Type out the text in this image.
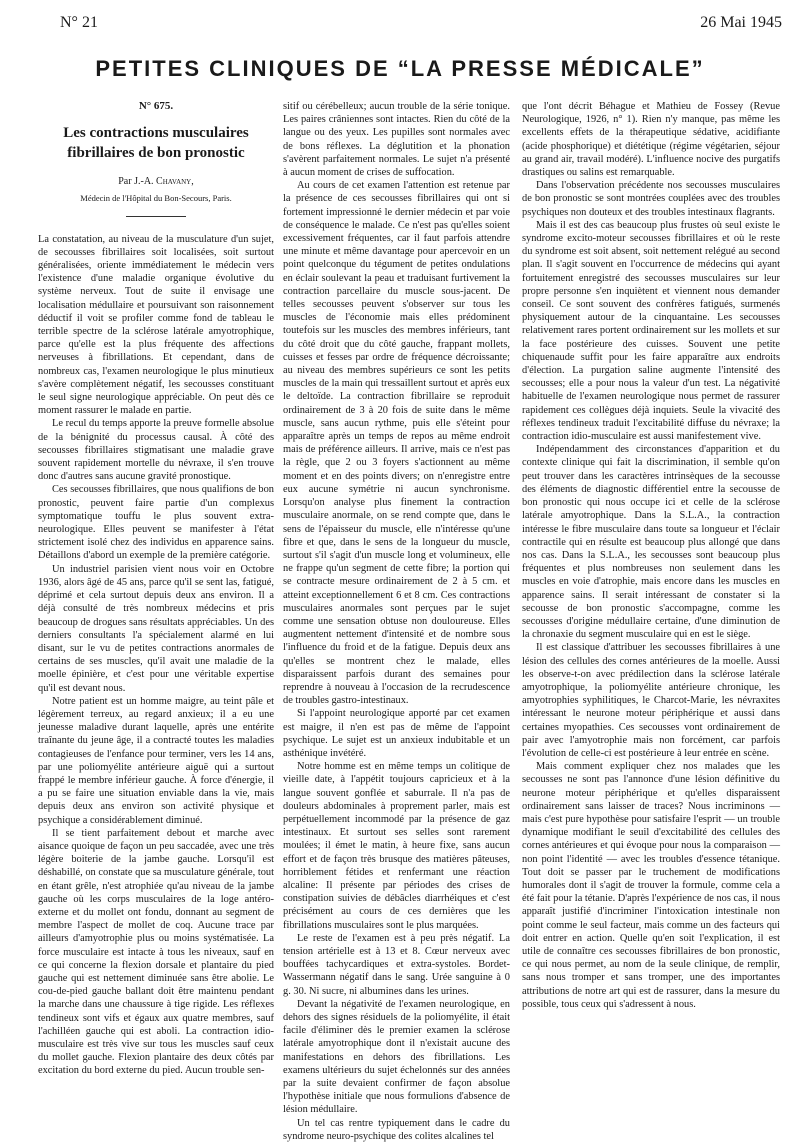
N° 21	26 Mai 1945
PETITES CLINIQUES DE “LA PRESSE MÉDICALE”
N° 675.
Les contractions musculaires fibrillaires de bon pronostic
Par J.-A. Chavany,
Médecin de l'Hôpital du Bon-Secours, Paris.

La constatation, au niveau de la musculature d'un sujet, de secousses fibrillaires soit localisées, soit surtout généralisées, oriente immédiatement le médecin vers l'existence d'une maladie organique évolutive du système nerveux. Tout de suite il envisage une localisation médullaire et poursuivant son raisonnement déductif il voit se profiler comme fond de tableau le terrible spectre de la sclérose latérale amyotrophique, parce qu'elle est la plus fréquente des affections nerveuses à fibrillations. Et cependant, dans de nombreux cas, l'examen neurologique le plus minutieux s'avère complètement négatif, les secousses constituant le seul signe neurologique appréciable. On peut dès ce moment rassurer le malade en partie.

Le recul du temps apporte la preuve formelle absolue de la bénignité du processus causal. À côté des secousses fibrillaires stigmatisant une maladie grave souvent rapidement mortelle du névraxe, il s'en trouve donc d'autres sans aucune gravité pronostique.

Ces secousses fibrillaires, que nous qualifions de bon pronostic, peuvent faire partie d'un complexus symptomatique touffu le plus souvent extra-neurologique. Elles peuvent se manifester à l'état strictement isolé chez des individus en apparence sains. Détaillons d'abord un exemple de la première catégorie.

Un industriel parisien vient nous voir en Octobre 1936, alors âgé de 45 ans, parce qu'il se sent las, fatigué, déprimé et cela surtout depuis deux ans environ. Il a déjà consulté de très nombreux médecins et pris beaucoup de drogues sans résultats appréciables. Un des derniers consultants l'a spécialement alarmé en lui disant, sur le vu de petites contractions anormales de certains de ses muscles, qu'il avait une maladie de la moelle épinière, et c'est pour une véritable expertise qu'il est devant nous.

Notre patient est un homme maigre, au teint pâle et légèrement terreux, au regard anxieux; il a eu une jeunesse maladive durant laquelle, après une entérite traînante du jeune âge, il a contracté toutes les maladies contagieuses de l'enfance pour terminer, vers les 14 ans, par une poliomyélite antérieure aiguë qui a surtout frappé le membre inférieur gauche. À force d'énergie, il a pu se faire une situation enviable dans la vie, mais depuis deux ans environ son activité physique et psychique a considérablement diminué.

Il se tient parfaitement debout et marche avec aisance quoique de façon un peu saccadée, avec une très légère boiterie de la jambe gauche. Lorsqu'il est déshabillé, on constate que sa musculature générale, tout en étant grêle, n'est atrophiée qu'au niveau de la jambe gauche où les corps musculaires de la loge antéro-externe et du mollet ont fondu, donnant au segment de membre l'aspect de mollet de coq. Aucune trace par ailleurs d'amyotrophie plus ou moins systématisée. La force musculaire est intacte à tous les niveaux, sauf en ce qui concerne la flexion dorsale et plantaire du pied gauche qui est nettement diminuée sans être abolie. Le cou-de-pied gauche ballant doit être maintenu pendant la marche dans une chaussure à tige rigide. Les réflexes tendineux sont vifs et égaux aux quatre membres, sauf l'achilléen gauche qui est aboli. La contraction idio-musculaire est très vive sur tous les muscles sauf ceux du mollet gauche. Flexion plantaire des deux côtés par excitation du bord externe du pied. Aucun trouble sen-

sitif ou cérébelleux; aucun trouble de la série tonique. Les paires crâniennes sont intactes. Rien du côté de la langue ou des yeux. Les pupilles sont normales avec de bons réflexes. La déglutition et la phonation s'avèrent parfaitement normales. Le sujet n'a présenté à aucun moment de crises de suffocation.

Au cours de cet examen l'attention est retenue par la présence de ces secousses fibrillaires qui ont si fortement impressionné le dernier médecin et par voie de conséquence le malade. Ce n'est pas qu'elles soient excessivement fréquentes, car il faut parfois attendre une minute et même davantage pour apercevoir en un point quelconque du tégument de petites ondulations en éclair soulevant la peau et traduisant furtivement la contraction parcellaire du muscle sous-jacent. De telles secousses peuvent s'observer sur tous les muscles de l'économie mais elles prédominent toutefois sur les muscles des membres inférieurs, tant du côté droit que du côté gauche, frappant mollets, cuisses et fesses par ordre de fréquence décroissante; au niveau des membres supérieurs ce sont les petits muscles de la main qui tressaillent surtout et après eux le deltoïde. La contraction fibrillaire se reproduit ordinairement de 3 à 20 fois de suite dans le même muscle, sans aucun rythme, puis elle s'éteint pour apparaître après un temps de repos au même endroit mais de préférence ailleurs. Il arrive, mais ce n'est pas la règle, que 2 ou 3 foyers s'actionnent au même moment et en des points divers; on n'enregistre entre eux aucune symétrie ni aucun synchronisme. Lorsqu'on analyse plus finement la contraction musculaire anormale, on se rend compte que, dans le sens de l'épaisseur du muscle, elle n'intéresse qu'une fibre et que, dans le sens de la longueur du muscle, surtout s'il s'agit d'un muscle long et volumineux, elle ne frappe qu'un segment de cette fibre; la portion qui se contracte mesure ordinairement de 2 à 5 cm. et atteint exceptionnellement 6 et 8 cm. Ces contractions musculaires anormales sont perçues par le sujet comme une sensation obtuse non douloureuse. Elles augmentent nettement d'intensité et de nombre sous l'influence du froid et de la fatigue. Depuis deux ans qu'elles se montrent chez le malade, elles disparaissent parfois durant des semaines pour reprendre à nouveau à l'occasion de la recrudescence de troubles gastro-intestinaux.

Si l'appoint neurologique apporté par cet examen est maigre, il n'en est pas de même de l'appoint psychique. Le sujet est un anxieux indubitable et un asthénique invétéré.

Notre homme est en même temps un colitique de vieille date, à l'appétit toujours capricieux et à la langue souvent gonflée et saburrale. Il n'a pas de douleurs abdominales à proprement parler, mais est perpétuellement incommodé par la présence de gaz intestinaux. Et surtout ses selles sont rarement moulées; il émet le matin, à heure fixe, sans aucun effort et de façon très brusque des matières pâteuses, horriblement fétides et renfermant une réaction alcaline: Il présente par périodes des crises de constipation suivies de débâcles diarrhéiques et c'est précisément au cours de ces dernières que les fibrillations musculaires sont le plus marquées.

Le reste de l'examen est à peu près négatif. La tension artérielle est à 13 et 8. Cœur nerveux avec bouffées tachycardiques et extra-systoles. Bordet-Wassermann négatif dans le sang. Urée sanguine à 0 g. 30. Ni sucre, ni albumines dans les urines.

Devant la négativité de l'examen neurologique, en dehors des signes résiduels de la poliomyélite, il était facile d'éliminer dès le premier examen la sclérose latérale amyotrophique dont il n'existait aucune des manifestations en dehors des fibrillations. Les examens ultérieurs du sujet échelonnés sur des années par la suite devaient confirmer de façon absolue l'hypothèse initiale que nous formulions d'absence de lésion médullaire.

Un tel cas rentre typiquement dans le cadre du syndrome neuro-psychique des colites alcalines tel

que l'ont décrit Béhague et Mathieu de Fossey (Revue Neurologique, 1926, n° 1). Rien n'y manque, pas même les excellents effets de la thérapeutique sédative, acidifiante (acide phosphorique) et diététique (régime végétarien, séjour au grand air, travail modéré). L'influence nocive des purgatifs drastiques ou salins est remarquable.

Dans l'observation précédente nos secousses musculaires de bon pronostic se sont montrées couplées avec des troubles psychiques non douteux et des troubles intestinaux flagrants.

Mais il est des cas beaucoup plus frustes où seul existe le syndrome excito-moteur secousses fibrillaires et où le reste du syndrome est soit absent, soit nettement relégué au second plan. Il s'agit souvent en l'occurrence de médecins qui ayant fortuitement enregistré des secousses musculaires sur leur propre personne s'en inquiètent et viennent nous demander conseil. Ce sont souvent des confrères fatigués, surmenés physiquement autour de la cinquantaine. Les secousses relativement rares portent ordinairement sur les mollets et sur la face postérieure des cuisses. Souvent une petite chiquenaude suffit pour les faire apparaître aux endroits d'élection. La purgation saline augmente l'intensité des secousses; elle a pour nous la valeur d'un test. La négativité habituelle de l'examen neurologique nous permet de rassurer rapidement ces collègues déjà inquiets. Seule la vivacité des réflexes tendineux traduit l'excitabilité diffuse du névraxe; la contraction idio-musculaire est aussi manifestement vive.

Indépendamment des circonstances d'apparition et du contexte clinique qui fait la discrimination, il semble qu'on peut trouver dans les caractères intrinsèques de la secousse des éléments de diagnostic différentiel entre la secousse de bon pronostic qui nous occupe ici et celle de la sclérose latérale amyotrophique. Dans la S.L.A., la contraction intéresse le fibre musculaire dans toute sa longueur et l'éclair contractile qui en résulte est beaucoup plus allongé que dans nos cas. Dans la S.L.A., les secousses sont beaucoup plus fréquentes et plus nombreuses non seulement dans les muscles en voie d'atrophie, mais encore dans les muscles en apparence sains. Il serait intéressant de constater si la secousse de bon pronostic s'accompagne, comme les secousses d'origine médullaire certaine, d'une diminution de la chronaxie du segment musculaire qui en est le siège.

Il est classique d'attribuer les secousses fibrillaires à une lésion des cellules des cornes antérieures de la moelle. Aussi les observe-t-on avec prédilection dans la sclérose latérale amyotrophique, la poliomyélite antérieure chronique, les amyotrophies syphilitiques, le Charcot-Marie, les névraxites intéressant le neurone moteur périphérique et aussi dans certaines myopathies. Ces secousses vont ordinairement de pair avec l'amyotrophie mais non forcément, car parfois l'évolution de celle-ci est postérieure à leur entrée en scène.

Mais comment expliquer chez nos malades que les secousses ne sont pas l'annonce d'une lésion définitive du neurone moteur périphérique et qu'elles disparaissent ordinairement sans laisser de traces? Nous incriminons — mais c'est pure hypothèse pour satisfaire l'esprit — un trouble dynamique modifiant le seuil d'excitabilité des cellules des cornes antérieures et qui évoque pour nous la comparaison — non point l'identité — avec les troubles d'essence tétanique. Tout doit se passer par le truchement de modifications humorales dont il s'agit de trouver la formule, comme cela a été fait pour la tétanie. D'après l'expérience de nos cas, il nous apparaît justifié d'incriminer l'intoxication intestinale non point comme le seul facteur, mais comme un des facteurs qui doit entrer en action. Quelle qu'en soit l'explication, il est utile de connaître ces secousses fibrillaires de bon pronostic, ce qui nous permet, au nom de la seule clinique, de remplir, sans nous tromper et sans tromper, une des importantes attributions de notre art qui est de rassurer, dans la mesure du possible, tous ceux qui s'adressent à nous.
